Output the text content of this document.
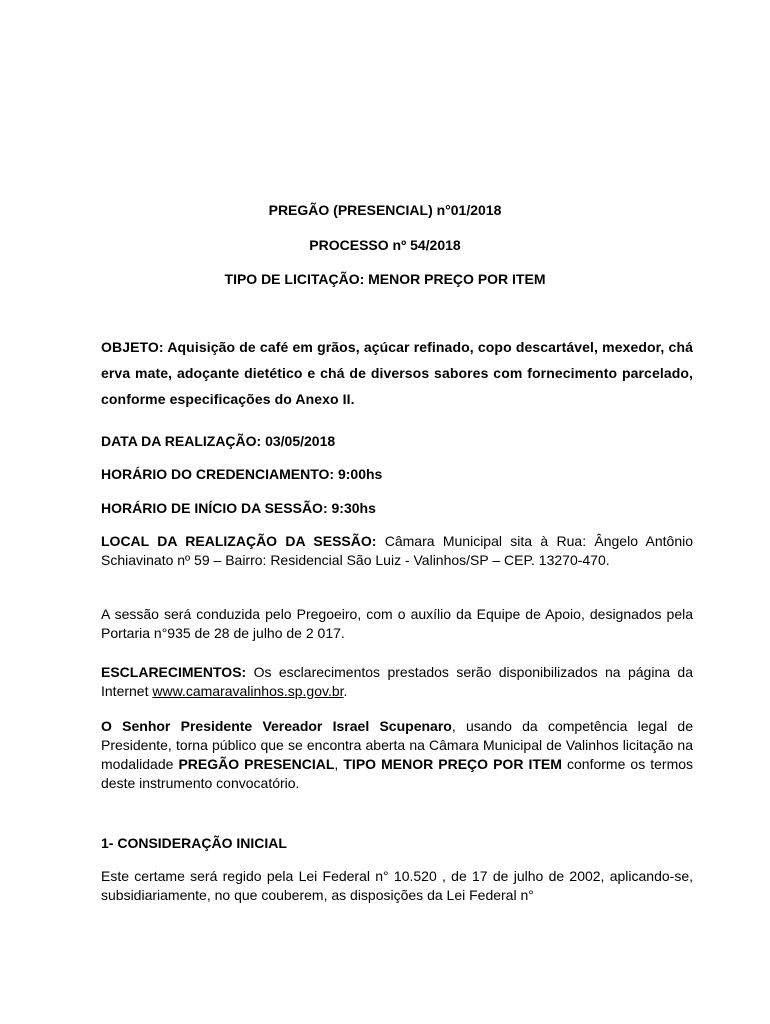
PREGÃO (PRESENCIAL) n°01/2018
PROCESSO nº 54/2018
TIPO DE LICITAÇÃO: MENOR PREÇO POR ITEM
OBJETO: Aquisição de café em grãos, açúcar refinado, copo descartável, mexedor, chá erva mate, adoçante dietético e chá de diversos sabores com fornecimento parcelado, conforme especificações do Anexo II.
DATA DA REALIZAÇÃO: 03/05/2018
HORÁRIO DO CREDENCIAMENTO: 9:00hs
HORÁRIO DE INÍCIO DA SESSÃO: 9:30hs
LOCAL DA REALIZAÇÃO DA SESSÃO: Câmara Municipal sita à Rua: Ângelo Antônio Schiavinato nº 59 – Bairro: Residencial São Luiz - Valinhos/SP – CEP. 13270-470.
A sessão será conduzida pelo Pregoeiro, com o auxílio da Equipe de Apoio, designados pela Portaria n°935 de 28 de julho de 2 017.
ESCLARECIMENTOS: Os esclarecimentos prestados serão disponibilizados na página da Internet www.camaravalinhos.sp.gov.br.
O Senhor Presidente Vereador Israel Scupenaro, usando da competência legal de Presidente, torna público que se encontra aberta na Câmara Municipal de Valinhos licitação na modalidade PREGÃO PRESENCIAL, TIPO MENOR PREÇO POR ITEM conforme os termos deste instrumento convocatório.
1- CONSIDERAÇÃO INICIAL
Este certame será regido pela Lei Federal n° 10.520 , de 17 de julho de 2002, aplicando-se, subsidiariamente, no que couberem, as disposições da Lei Federal n°
